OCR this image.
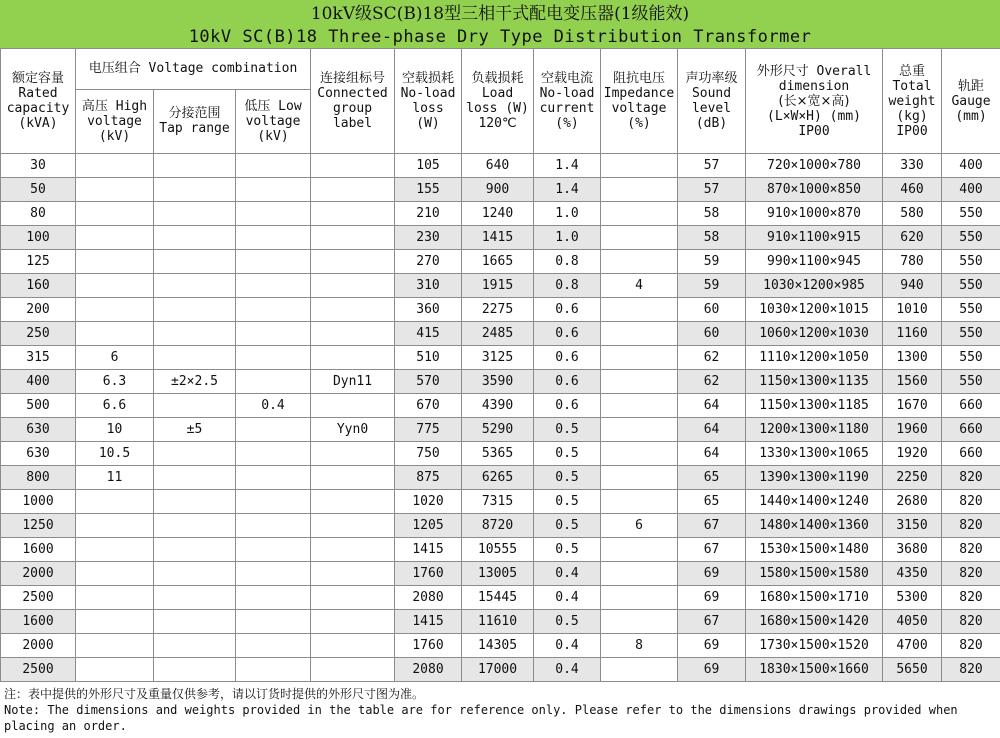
10kV级SC(B)18型三相干式配电变压器(1级能效)
10kV SC(B)18 Three-phase Dry Type Distribution Transformer
额定容量
Rated
capacity
(kVA)	电压组合 Voltage combination			连接组标号
Connected
group
label	空载损耗
No-load
loss
(W)	负载损耗
Load
loss (W)
120℃	空载电流
No-load
current
(%)	阻抗电压
Impedance
voltage
(%)	声功率级
Sound
level
(dB)	外形尺寸 Overall
dimension
(长×宽×高)
(L×W×H) (mm)
IP00	总重
Total
weight
(kg)
IP00	轨距
Gauge
(mm)

	高压 High
voltage
(kV)	分接范围
Tap range	低压 Low
voltage
(kV)									

30					105	640	1.4		57	720×1000×780	330	400
50					155	900	1.4		57	870×1000×850	460	400
80					210	1240	1.0		58	910×1000×870	580	550
100					230	1415	1.0		58	910×1100×915	620	550
125					270	1665	0.8		59	990×1100×945	780	550
160					310	1915	0.8	4	59	1030×1200×985	940	550
200					360	2275	0.6		60	1030×1200×1015	1010	550
250					415	2485	0.6		60	1060×1200×1030	1160	550
315	6				510	3125	0.6		62	1110×1200×1050	1300	550
400	6.3	±2×2.5		Dyn11	570	3590	0.6		62	1150×1300×1135	1560	550
500	6.6		0.4		670	4390	0.6		64	1150×1300×1185	1670	660
630	10	±5		Yyn0	775	5290	0.5		64	1200×1300×1180	1960	660
630	10.5				750	5365	0.5		64	1330×1300×1065	1920	660
800	11				875	6265	0.5		65	1390×1300×1190	2250	820
1000					1020	7315	0.5		65	1440×1400×1240	2680	820
1250					1205	8720	0.5	6	67	1480×1400×1360	3150	820
1600					1415	10555	0.5		67	1530×1500×1480	3680	820
2000					1760	13005	0.4		69	1580×1500×1580	4350	820
2500					2080	15445	0.4		69	1680×1500×1710	5300	820
1600					1415	11610	0.5		67	1680×1500×1420	4050	820
2000					1760	14305	0.4	8	69	1730×1500×1520	4700	820
2500					2080	17000	0.4		69	1830×1500×1660	5650	820
注：表中提供的外形尺寸及重量仅供参考，请以订货时提供的外形尺寸图为准。
Note: The dimensions and weights provided in the table are for reference only. Please refer to the dimensions drawings provided when placing an order.
